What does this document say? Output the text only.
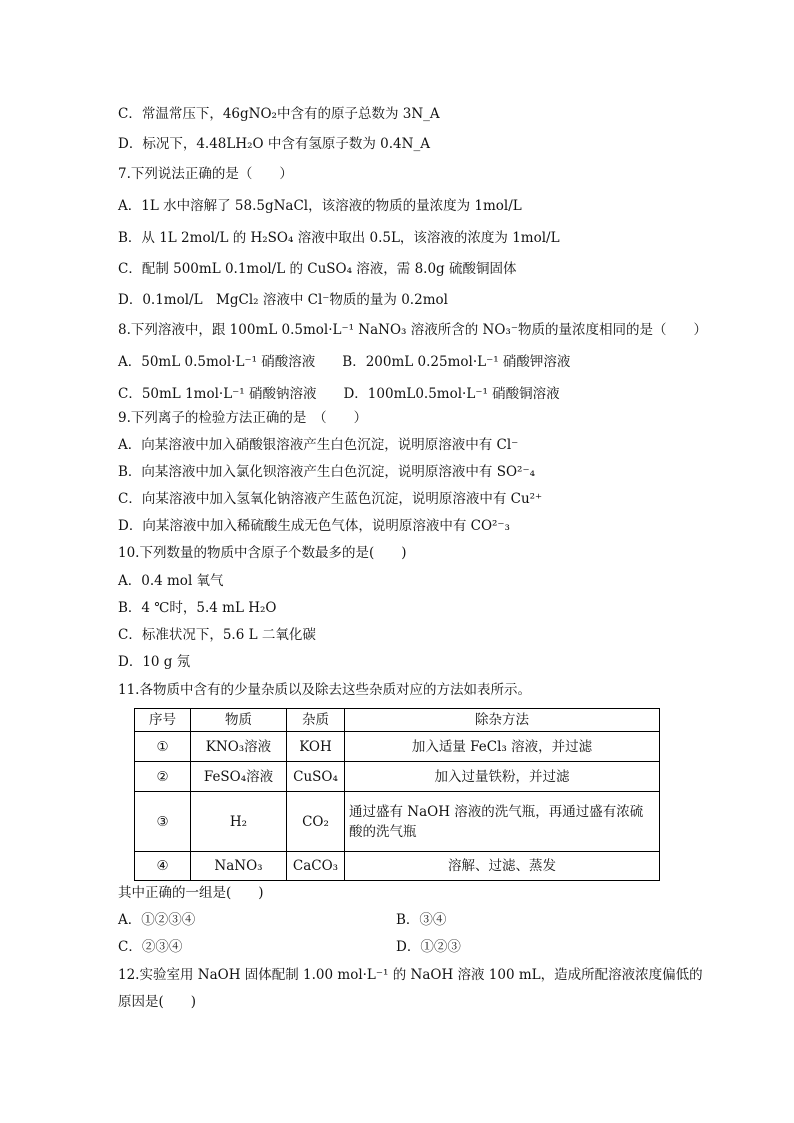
C．常温常压下，46gNO₂中含有的原子总数为 3N_A
D．标况下，4.48LH₂O 中含有氢原子数为 0.4N_A
7.下列说法正确的是（　　）
A．1L 水中溶解了 58.5gNaCl，该溶液的物质的量浓度为 1mol/L
B．从 1L 2mol/L 的 H₂SO₄ 溶液中取出 0.5L，该溶液的浓度为 1mol/L
C．配制 500mL 0.1mol/L 的 CuSO₄ 溶液，需 8.0g 硫酸铜固体
D．0.1mol/L　MgCl₂ 溶液中 Cl⁻物质的量为 0.2mol
8.下列溶液中，跟 100mL 0.5mol·L⁻¹ NaNO₃ 溶液所含的 NO₃⁻物质的量浓度相同的是（　　）
A．50mL 0.5mol·L⁻¹ 硝酸溶液　　B．200mL 0.25mol·L⁻¹ 硝酸钾溶液
C．50mL 1mol·L⁻¹ 硝酸钠溶液　　D．100mL0.5mol·L⁻¹ 硝酸铜溶液
9.下列离子的检验方法正确的是　（　　）
A．向某溶液中加入硝酸银溶液产生白色沉淀，说明原溶液中有 Cl⁻
B．向某溶液中加入氯化钡溶液产生白色沉淀，说明原溶液中有 SO²⁻₄
C．向某溶液中加入氢氧化钠溶液产生蓝色沉淀，说明原溶液中有 Cu²⁺
D．向某溶液中加入稀硫酸生成无色气体，说明原溶液中有 CO²⁻₃
10.下列数量的物质中含原子个数最多的是(　　)
A．0.4 mol 氧气
B．4 ℃时，5.4 mL H₂O
C．标准状况下，5.6 L 二氧化碳
D．10 g 氖
11.各物质中含有的少量杂质以及除去这些杂质对应的方法如表所示。
序号	物质	杂质	除杂方法
①	KNO₃溶液	KOH	加入适量 FeCl₃ 溶液，并过滤
②	FeSO₄溶液	CuSO₄	加入过量铁粉，并过滤
③	H₂	CO₂	通过盛有 NaOH 溶液的洗气瓶，再通过盛有浓硫酸的洗气瓶
④	NaNO₃	CaCO₃	溶解、过滤、蒸发
其中正确的一组是(　　)
A．①②③④	B．③④
C．②③④	D．①②③
12.实验室用 NaOH 固体配制 1.00 mol·L⁻¹ 的 NaOH 溶液 100 mL，造成所配溶液浓度偏低的
原因是(　　)
